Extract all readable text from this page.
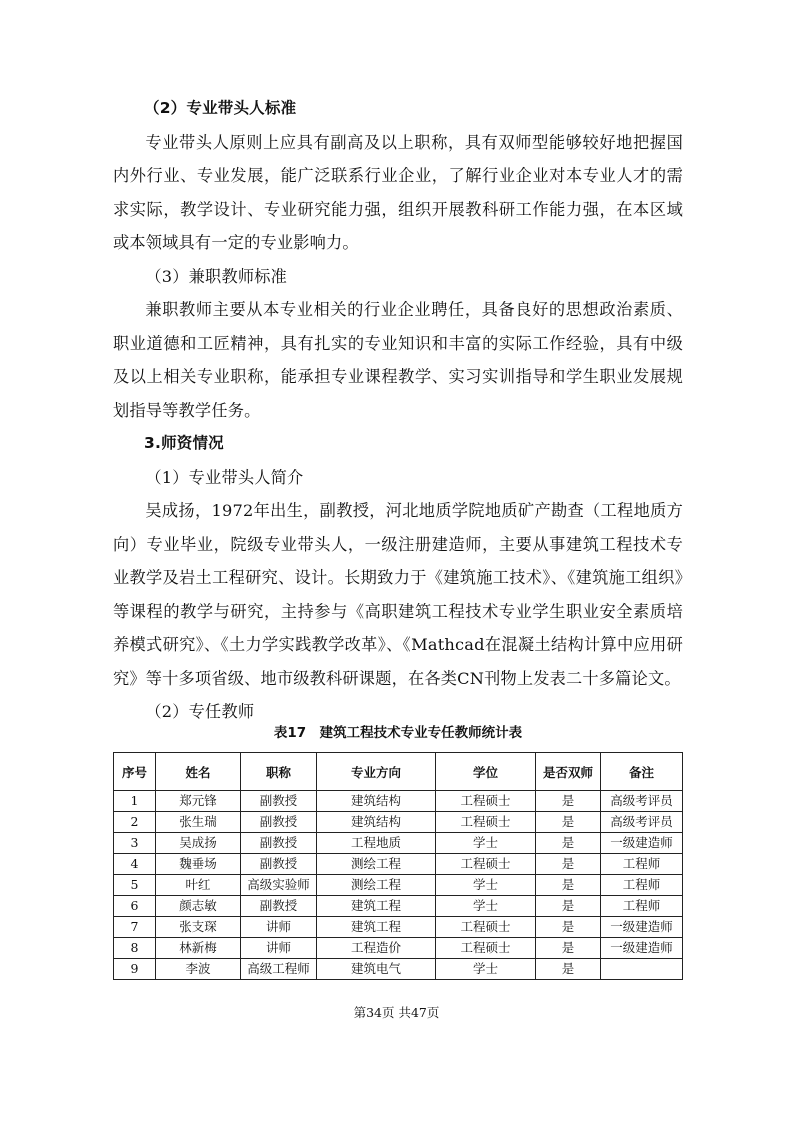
（2）专业带头人标准

专业带头人原则上应具有副高及以上职称，具有双师型能够较好地把握国内外行业、专业发展，能广泛联系行业企业，了解行业企业对本专业人才的需求实际，教学设计、专业研究能力强，组织开展教科研工作能力强，在本区域或本领域具有一定的专业影响力。

（3）兼职教师标准

兼职教师主要从本专业相关的行业企业聘任，具备良好的思想政治素质、职业道德和工匠精神，具有扎实的专业知识和丰富的实际工作经验，具有中级及以上相关专业职称，能承担专业课程教学、实习实训指导和学生职业发展规划指导等教学任务。

3.师资情况

（1）专业带头人简介

吴成扬，1972年出生，副教授，河北地质学院地质矿产勘查（工程地质方向）专业毕业，院级专业带头人，一级注册建造师，主要从事建筑工程技术专业教学及岩土工程研究、设计。长期致力于《建筑施工技术》、《建筑施工组织》等课程的教学与研究，主持参与《高职建筑工程技术专业学生职业安全素质培养模式研究》、《土力学实践教学改革》、《Mathcad在混凝土结构计算中应用研究》等十多项省级、地市级教科研课题，在各类CN刊物上发表二十多篇论文。

（2）专任教师

表17　建筑工程技术专业专任教师统计表
序号	姓名	职称	专业方向	学位	是否双师	备注
1	郑元锋	副教授	建筑结构	工程硕士	是	高级考评员
2	张生瑞	副教授	建筑结构	工程硕士	是	高级考评员
3	吴成扬	副教授	工程地质	学士	是	一级建造师
4	魏垂场	副教授	测绘工程	工程硕士	是	工程师
5	叶红	高级实验师	测绘工程	学士	是	工程师
6	颜志敏	副教授	建筑工程	学士	是	工程师
7	张支琛	讲师	建筑工程	工程硕士	是	一级建造师
8	林新梅	讲师	工程造价	工程硕士	是	一级建造师
9	李波	高级工程师	建筑电气	学士	是	
第34页 共47页
